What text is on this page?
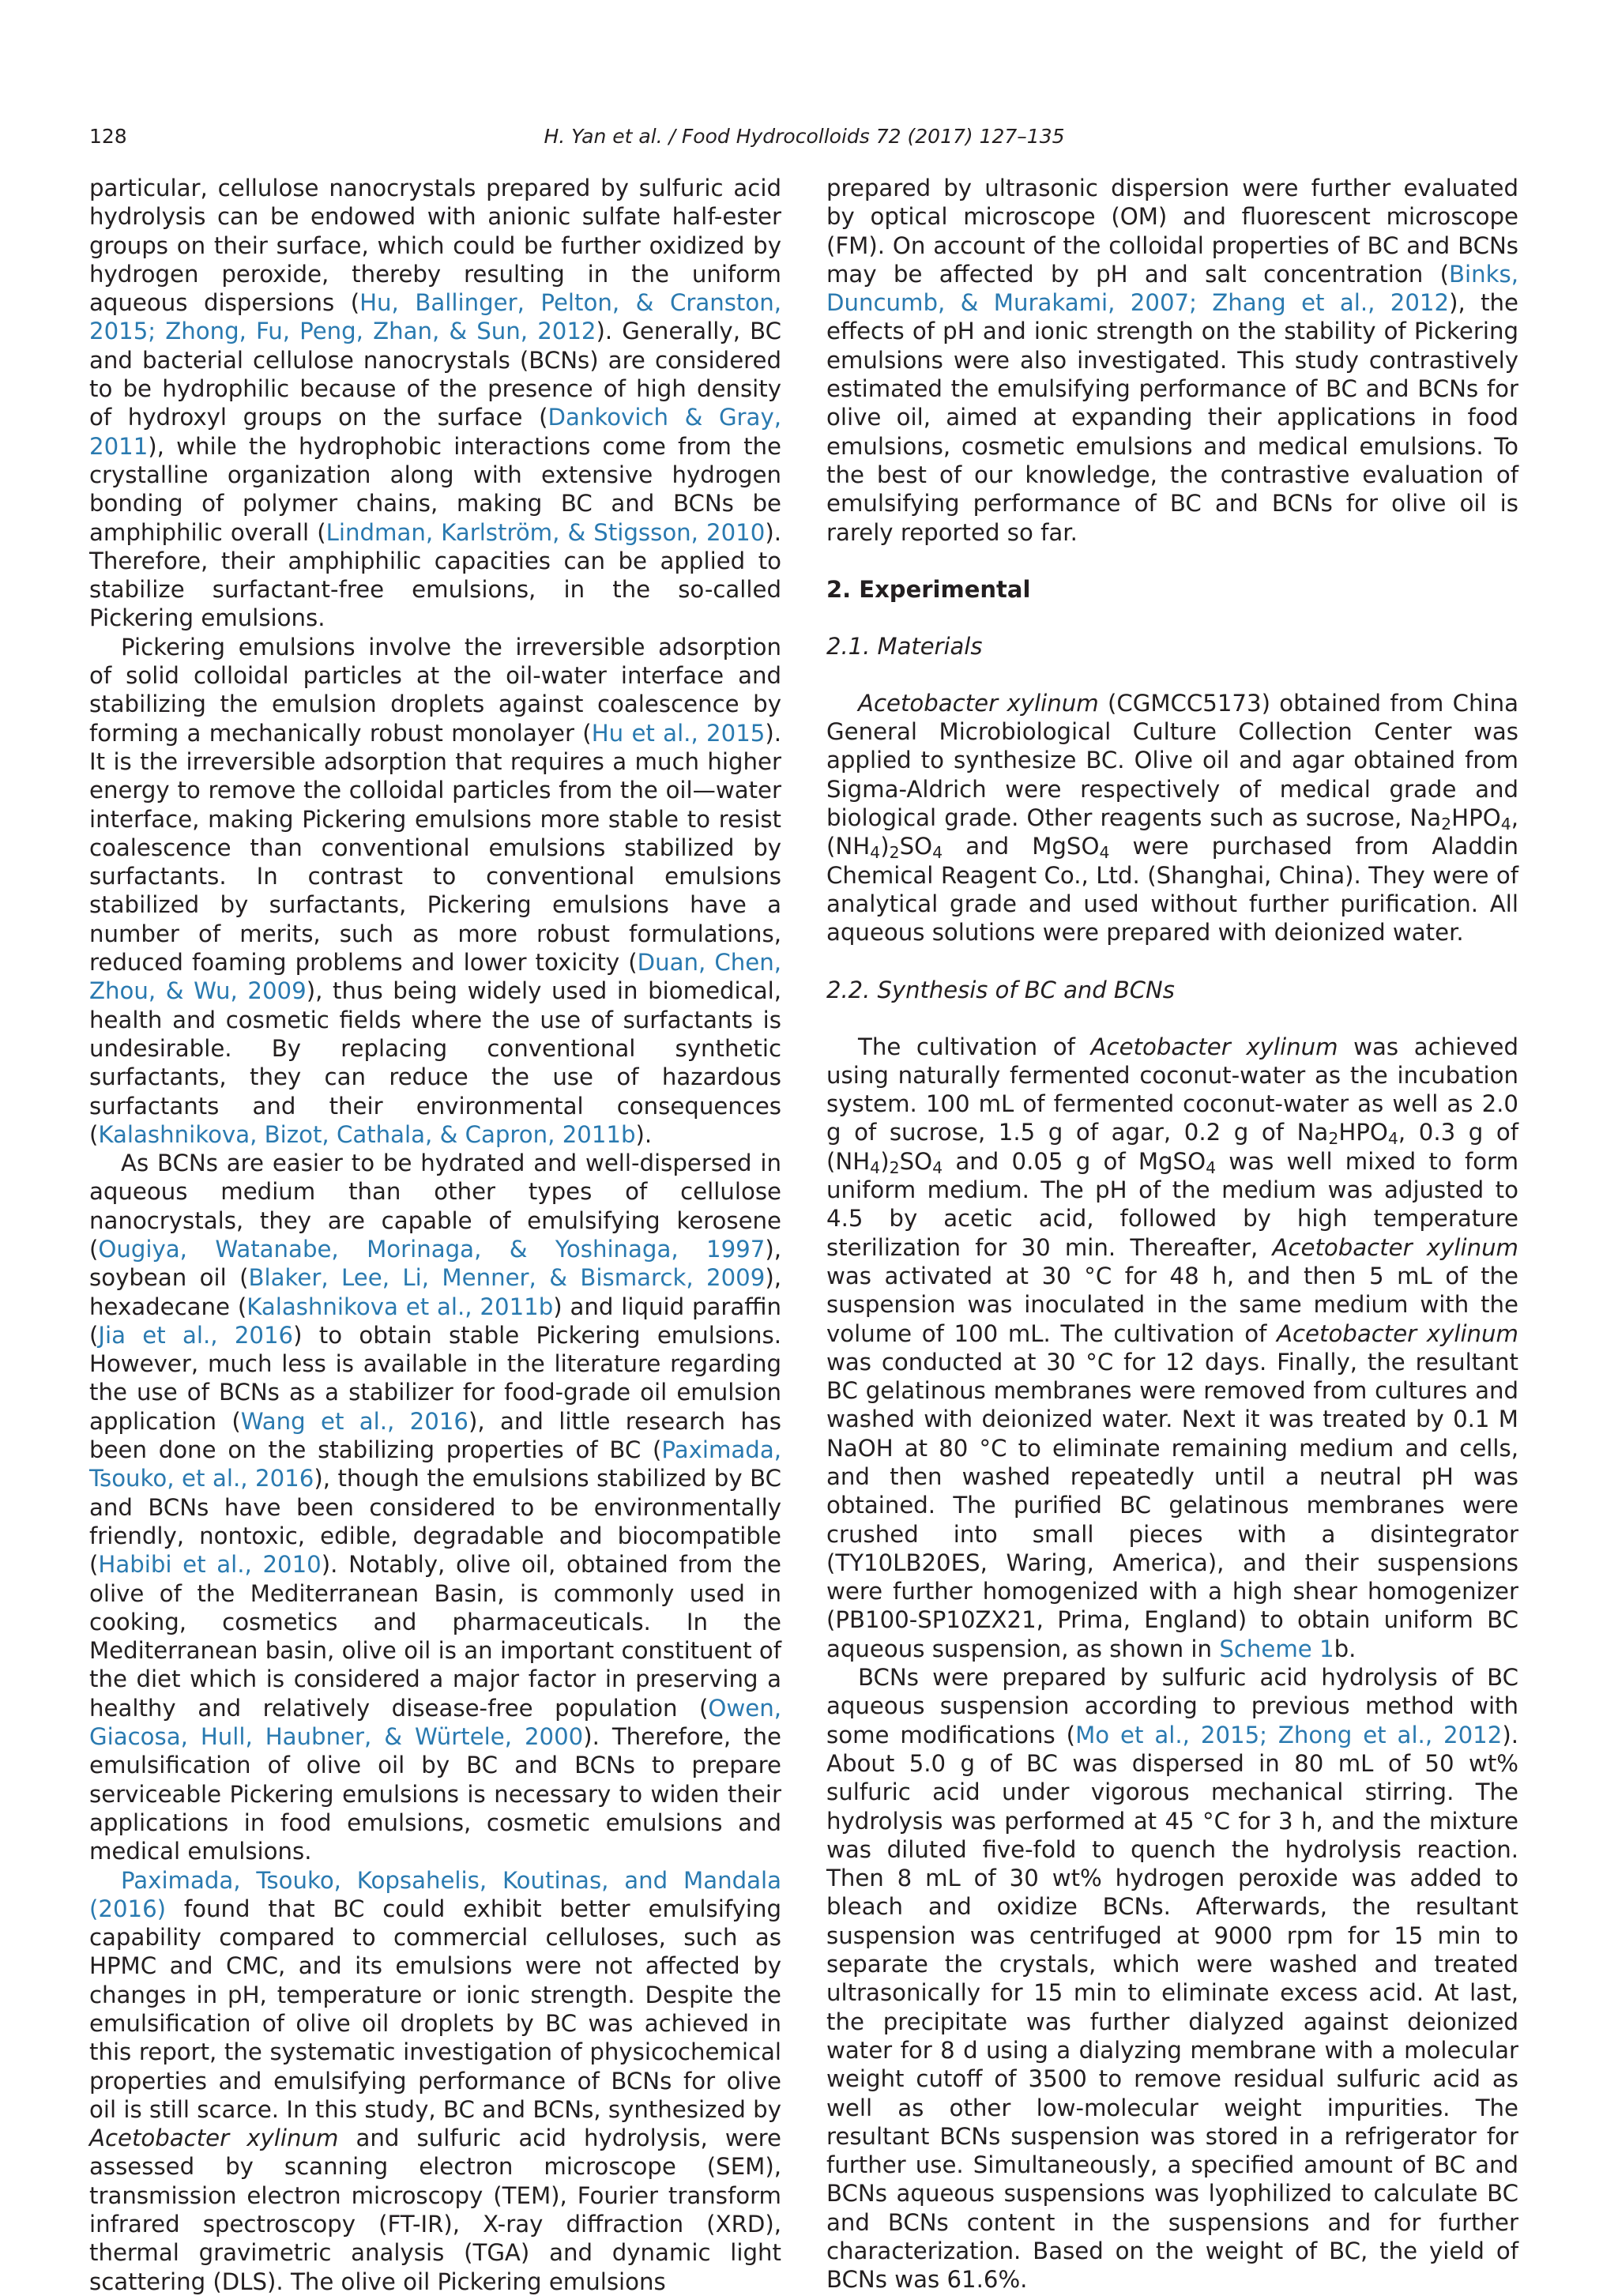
128	H. Yan et al. / Food Hydrocolloids 72 (2017) 127–135

particular, cellulose nanocrystals prepared by sulfuric acid hydrolysis can be endowed with anionic sulfate half-ester groups on their surface, which could be further oxidized by hydrogen peroxide, thereby resulting in the uniform aqueous dispersions (Hu, Ballinger, Pelton, & Cranston, 2015; Zhong, Fu, Peng, Zhan, & Sun, 2012). Generally, BC and bacterial cellulose nanocrystals (BCNs) are considered to be hydrophilic because of the presence of high density of hydroxyl groups on the surface (Dankovich & Gray, 2011), while the hydrophobic interactions come from the crystalline organization along with extensive hydrogen bonding of polymer chains, making BC and BCNs be amphiphilic overall (Lindman, Karlström, & Stigsson, 2010). Therefore, their amphiphilic capacities can be applied to stabilize surfactant-free emulsions, in the so-called Pickering emulsions.

Pickering emulsions involve the irreversible adsorption of solid colloidal particles at the oil-water interface and stabilizing the emulsion droplets against coalescence by forming a mechanically robust monolayer (Hu et al., 2015). It is the irreversible adsorption that requires a much higher energy to remove the colloidal particles from the oil—water interface, making Pickering emulsions more stable to resist coalescence than conventional emulsions stabilized by surfactants. In contrast to conventional emulsions stabilized by surfactants, Pickering emulsions have a number of merits, such as more robust formulations, reduced foaming problems and lower toxicity (Duan, Chen, Zhou, & Wu, 2009), thus being widely used in biomedical, health and cosmetic fields where the use of surfactants is undesirable. By replacing conventional synthetic surfactants, they can reduce the use of hazardous surfactants and their environmental consequences (Kalashnikova, Bizot, Cathala, & Capron, 2011b).

As BCNs are easier to be hydrated and well-dispersed in aqueous medium than other types of cellulose nanocrystals, they are capable of emulsifying kerosene (Ougiya, Watanabe, Morinaga, & Yoshinaga, 1997), soybean oil (Blaker, Lee, Li, Menner, & Bismarck, 2009), hexadecane (Kalashnikova et al., 2011b) and liquid paraffin (Jia et al., 2016) to obtain stable Pickering emulsions. However, much less is available in the literature regarding the use of BCNs as a stabilizer for food-grade oil emulsion application (Wang et al., 2016), and little research has been done on the stabilizing properties of BC (Paximada, Tsouko, et al., 2016), though the emulsions stabilized by BC and BCNs have been considered to be environmentally friendly, nontoxic, edible, degradable and biocompatible (Habibi et al., 2010). Notably, olive oil, obtained from the olive of the Mediterranean Basin, is commonly used in cooking, cosmetics and pharmaceuticals. In the Mediterranean basin, olive oil is an important constituent of the diet which is considered a major factor in preserving a healthy and relatively disease-free population (Owen, Giacosa, Hull, Haubner, & Würtele, 2000). Therefore, the emulsification of olive oil by BC and BCNs to prepare serviceable Pickering emulsions is necessary to widen their applications in food emulsions, cosmetic emulsions and medical emulsions.

Paximada, Tsouko, Kopsahelis, Koutinas, and Mandala (2016) found that BC could exhibit better emulsifying capability compared to commercial celluloses, such as HPMC and CMC, and its emulsions were not affected by changes in pH, temperature or ionic strength. Despite the emulsification of olive oil droplets by BC was achieved in this report, the systematic investigation of physicochemical properties and emulsifying performance of BCNs for olive oil is still scarce. In this study, BC and BCNs, synthesized by Acetobacter xylinum and sulfuric acid hydrolysis, were assessed by scanning electron microscope (SEM), transmission electron microscopy (TEM), Fourier transform infrared spectroscopy (FT-IR), X-ray diffraction (XRD), thermal gravimetric analysis (TGA) and dynamic light scattering (DLS). The olive oil Pickering emulsions

prepared by ultrasonic dispersion were further evaluated by optical microscope (OM) and fluorescent microscope (FM). On account of the colloidal properties of BC and BCNs may be affected by pH and salt concentration (Binks, Duncumb, & Murakami, 2007; Zhang et al., 2012), the effects of pH and ionic strength on the stability of Pickering emulsions were also investigated. This study contrastively estimated the emulsifying performance of BC and BCNs for olive oil, aimed at expanding their applications in food emulsions, cosmetic emulsions and medical emulsions. To the best of our knowledge, the contrastive evaluation of emulsifying performance of BC and BCNs for olive oil is rarely reported so far.

2. Experimental
2.1. Materials

Acetobacter xylinum (CGMCC5173) obtained from China General Microbiological Culture Collection Center was applied to synthesize BC. Olive oil and agar obtained from Sigma-Aldrich were respectively of medical grade and biological grade. Other reagents such as sucrose, $Na_2HPO_4$, $(NH_4)_2SO_4$ and MgSO$_4$ were purchased from Aladdin Chemical Reagent Co., Ltd. (Shanghai, China). They were of analytical grade and used without further purification. All aqueous solutions were prepared with deionized water.

2.2. Synthesis of BC and BCNs

The cultivation of Acetobacter xylinum was achieved using naturally fermented coconut-water as the incubation system. 100 mL of fermented coconut-water as well as 2.0 g of sucrose, 1.5 g of agar, 0.2 g of $Na_2HPO_4$, 0.3 g of $(NH_4)_2SO_4$ and 0.05 g of MgSO$_4$ was well mixed to form uniform medium. The pH of the medium was adjusted to 4.5 by acetic acid, followed by high temperature sterilization for 30 min. Thereafter, Acetobacter xylinum was activated at 30 °C for 48 h, and then 5 mL of the suspension was inoculated in the same medium with the volume of 100 mL. The cultivation of Acetobacter xylinum was conducted at 30 °C for 12 days. Finally, the resultant BC gelatinous membranes were removed from cultures and washed with deionized water. Next it was treated by 0.1 M NaOH at 80 °C to eliminate remaining medium and cells, and then washed repeatedly until a neutral pH was obtained. The purified BC gelatinous membranes were crushed into small pieces with a disintegrator (TY10LB20ES, Waring, America), and their suspensions were further homogenized with a high shear homogenizer (PB100-SP10ZX21, Prima, England) to obtain uniform BC aqueous suspension, as shown in Scheme 1b.

BCNs were prepared by sulfuric acid hydrolysis of BC aqueous suspension according to previous method with some modifications (Mo et al., 2015; Zhong et al., 2012). About 5.0 g of BC was dispersed in 80 mL of 50 wt% sulfuric acid under vigorous mechanical stirring. The hydrolysis was performed at 45 °C for 3 h, and the mixture was diluted five-fold to quench the hydrolysis reaction. Then 8 mL of 30 wt% hydrogen peroxide was added to bleach and oxidize BCNs. Afterwards, the resultant suspension was centrifuged at 9000 rpm for 15 min to separate the crystals, which were washed and treated ultrasonically for 15 min to eliminate excess acid. At last, the precipitate was further dialyzed against deionized water for 8 d using a dialyzing membrane with a molecular weight cutoff of 3500 to remove residual sulfuric acid as well as other low-molecular weight impurities. The resultant BCNs suspension was stored in a refrigerator for further use. Simultaneously, a specified amount of BC and BCNs aqueous suspensions was lyophilized to calculate BC and BCNs content in the suspensions and for further characterization. Based on the weight of BC, the yield of BCNs was 61.6%.
